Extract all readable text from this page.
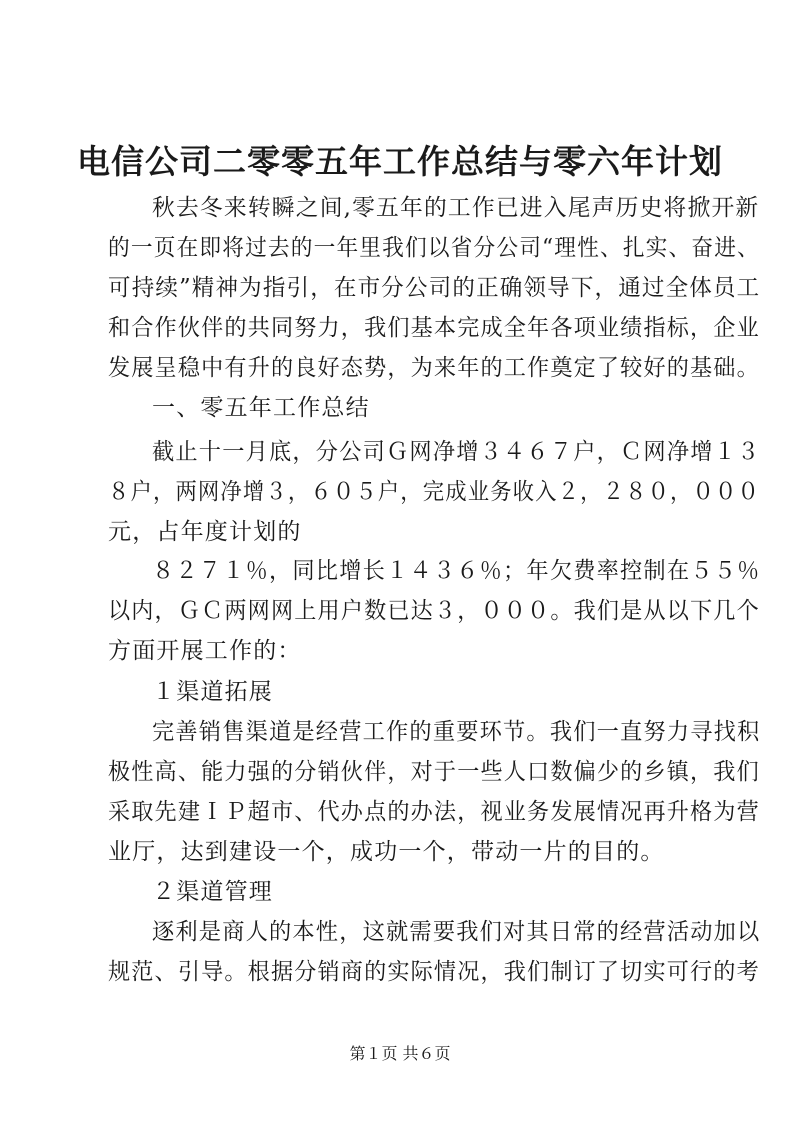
电信公司二零零五年工作总结与零六年计划
秋去冬来转瞬之间,零五年的工作已进入尾声历史将掀开新
的一页在即将过去的一年里我们以省分公司“理性、扎实、奋进、
可持续”精神为指引，在市分公司的正确领导下，通过全体员工
和合作伙伴的共同努力，我们基本完成全年各项业绩指标，企业
发展呈稳中有升的良好态势，为来年的工作奠定了较好的基础。
一、零五年工作总结
截止十一月底，分公司Ｇ网净增３４６７户，Ｃ网净增１３
８户，两网净增３，６０５户，完成业务收入２，２８０，０００
元，占年度计划的
８２７１％，同比增长１４３６％；年欠费率控制在５５％
以内，ＧＣ两网网上用户数已达３，０００。我们是从以下几个
方面开展工作的：
１渠道拓展
完善销售渠道是经营工作的重要环节。我们一直努力寻找积
极性高、能力强的分销伙伴，对于一些人口数偏少的乡镇，我们
采取先建ＩＰ超市、代办点的办法，视业务发展情况再升格为营
业厅，达到建设一个，成功一个，带动一片的目的。
２渠道管理
逐利是商人的本性，这就需要我们对其日常的经营活动加以
规范、引导。根据分销商的实际情况，我们制订了切实可行的考
第１页 共６页
